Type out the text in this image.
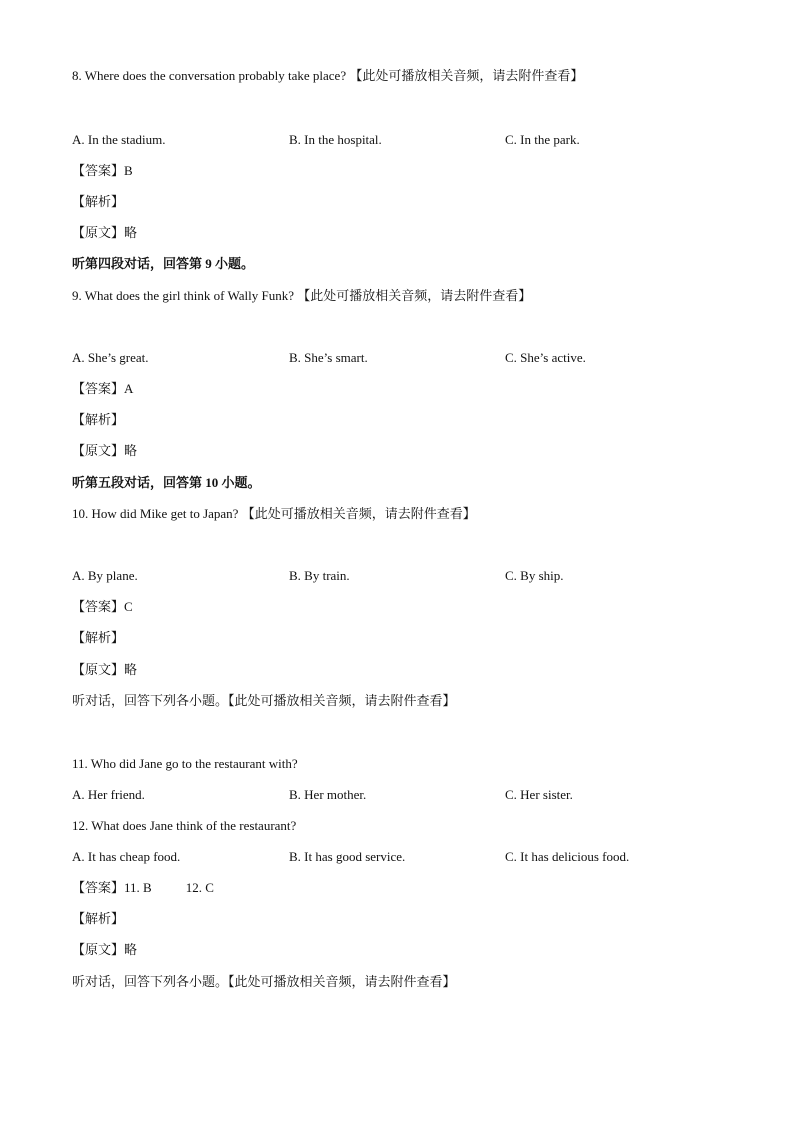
8. Where does the conversation probably take place? 【此处可播放相关音频，请去附件查看】
A. In the stadium.	B. In the hospital.	C. In the park.
【答案】B
【解析】
【原文】略
听第四段对话，回答第 9 小题。
9. What does the girl think of Wally Funk? 【此处可播放相关音频，请去附件查看】
A. She’s great.	B. She’s smart.	C. She’s active.
【答案】A
【解析】
【原文】略
听第五段对话，回答第 10 小题。
10. How did Mike get to Japan? 【此处可播放相关音频，请去附件查看】
A. By plane.	B. By train.	C. By ship.
【答案】C
【解析】
【原文】略
听对话，回答下列各小题。【此处可播放相关音频，请去附件查看】
11. Who did Jane go to the restaurant with?
A. Her friend.	B. Her mother.	C. Her sister.
12. What does Jane think of the restaurant?
A. It has cheap food.	B. It has good service.	C. It has delicious food.
【答案】11. B	12. C
【解析】
【原文】略
听对话，回答下列各小题。【此处可播放相关音频，请去附件查看】
